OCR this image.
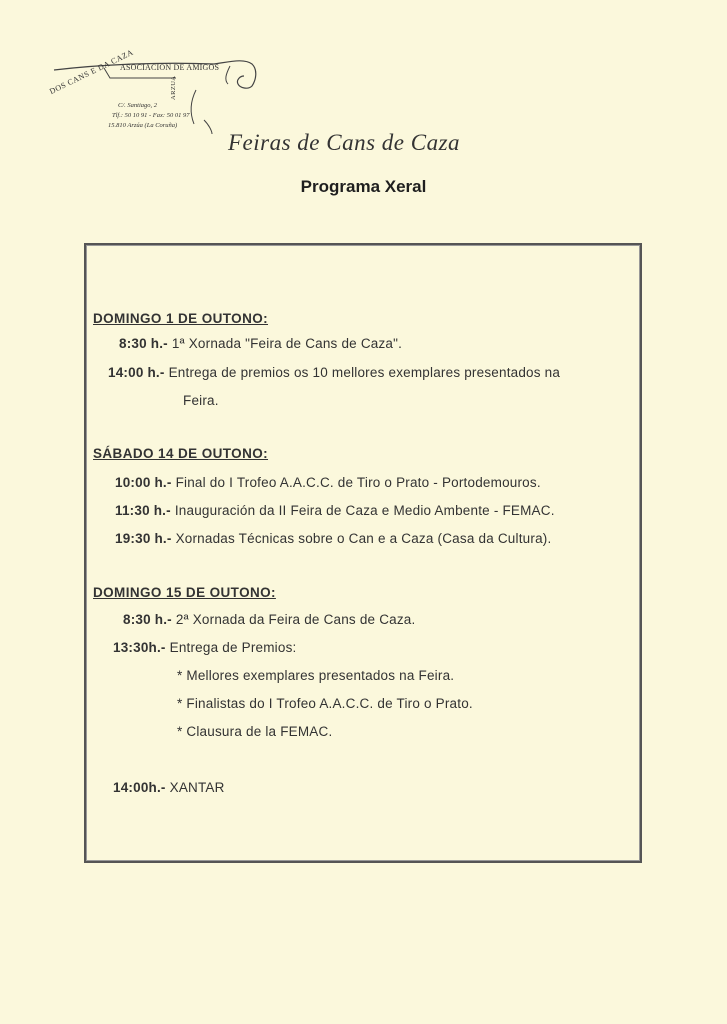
ASOCIACION DE AMIGOS
DOS CANS E DA CAZA
C/. Santiago, 2
Tlf.: 50 10 91 - Fax: 50 01 97
15.810 Arzúa (La Coruña)
ARZUA
Feiras de Cans de Caza
Programa Xeral
DOMINGO 1 DE OUTONO:
8:30 h.- 1ª Xornada "Feira de Cans de Caza".
14:00 h.- Entrega de premios os 10 mellores exemplares presentados na
Feira.
SÁBADO 14 DE OUTONO:
10:00 h.- Final do I Trofeo A.A.C.C. de Tiro o Prato - Portodemouros.
11:30 h.- Inauguración da II Feira de Caza e Medio Ambente - FEMAC.
19:30 h.- Xornadas Técnicas sobre o Can e a Caza (Casa da Cultura).
DOMINGO 15 DE OUTONO:
8:30 h.- 2ª Xornada da Feira de Cans de Caza.
13:30h.- Entrega de Premios:
* Mellores exemplares presentados na Feira.
* Finalistas do I Trofeo A.A.C.C. de Tiro o Prato.
* Clausura de la FEMAC.
14:00h.- XANTAR
